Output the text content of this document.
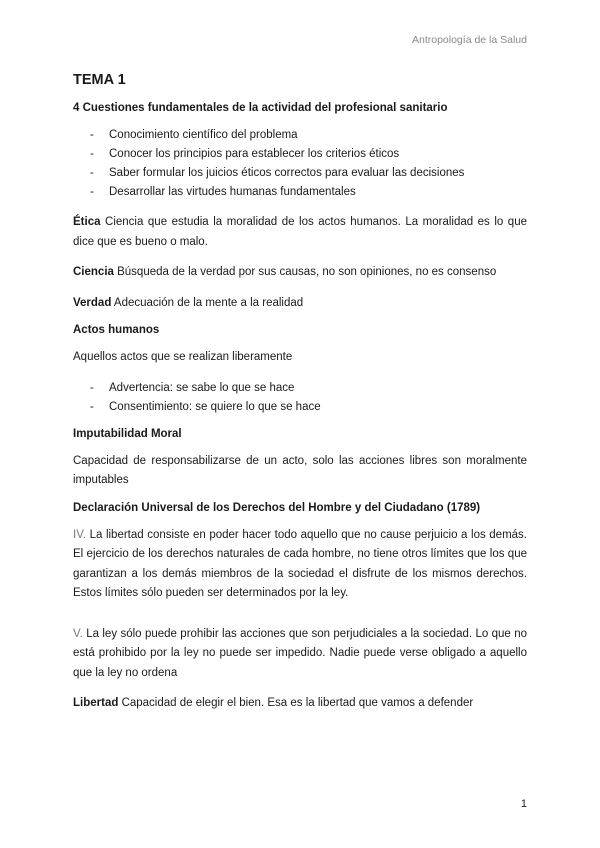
Antropología de la Salud
TEMA 1
4 Cuestiones fundamentales de la actividad del profesional sanitario
- Conocimiento científico del problema
- Conocer los principios para establecer los criterios éticos
- Saber formular los juicios éticos correctos para evaluar las decisiones
- Desarrollar las virtudes humanas fundamentales

Ética Ciencia que estudia la moralidad de los actos humanos. La moralidad es lo que dice que es bueno o malo.

Ciencia Búsqueda de la verdad por sus causas, no son opiniones, no es consenso

Verdad Adecuación de la mente a la realidad

Actos humanos

Aquellos actos que se realizan liberamente

- Advertencia: se sabe lo que se hace
- Consentimiento: se quiere lo que se hace
Imputabilidad Moral

Capacidad de responsabilizarse de un acto, solo las acciones libres son moralmente imputables

Declaración Universal de los Derechos del Hombre y del Ciudadano (1789)

IV. La libertad consiste en poder hacer todo aquello que no cause perjuicio a los demás. El ejercicio de los derechos naturales de cada hombre, no tiene otros límites que los que garantizan a los demás miembros de la sociedad el disfrute de los mismos derechos. Estos límites sólo pueden ser determinados por la ley.

V. La ley sólo puede prohibir las acciones que son perjudiciales a la sociedad. Lo que no está prohibido por la ley no puede ser impedido. Nadie puede verse obligado a aquello que la ley no ordena

Libertad Capacidad de elegir el bien. Esa es la libertad que vamos a defender

1
